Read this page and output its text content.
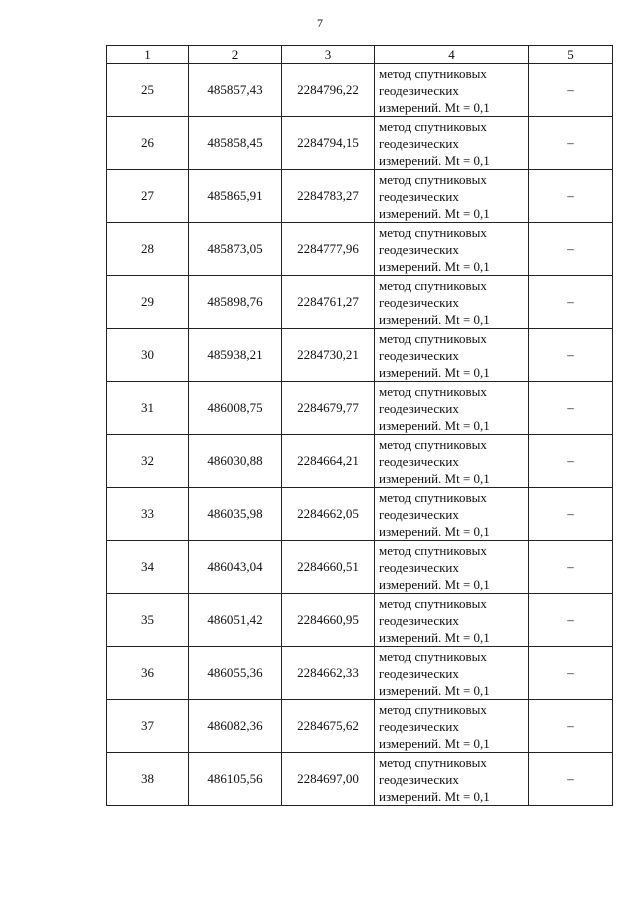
7
1	2	3	4	5
25	485857,43	2284796,22	метод спутниковых
геодезических
измерений. Mt = 0,1	–
26	485858,45	2284794,15	метод спутниковых
геодезических
измерений. Mt = 0,1	–
27	485865,91	2284783,27	метод спутниковых
геодезических
измерений. Mt = 0,1	–
28	485873,05	2284777,96	метод спутниковых
геодезических
измерений. Mt = 0,1	–
29	485898,76	2284761,27	метод спутниковых
геодезических
измерений. Mt = 0,1	–
30	485938,21	2284730,21	метод спутниковых
геодезических
измерений. Mt = 0,1	–
31	486008,75	2284679,77	метод спутниковых
геодезических
измерений. Mt = 0,1	–
32	486030,88	2284664,21	метод спутниковых
геодезических
измерений. Mt = 0,1	–
33	486035,98	2284662,05	метод спутниковых
геодезических
измерений. Mt = 0,1	–
34	486043,04	2284660,51	метод спутниковых
геодезических
измерений. Mt = 0,1	–
35	486051,42	2284660,95	метод спутниковых
геодезических
измерений. Mt = 0,1	–
36	486055,36	2284662,33	метод спутниковых
геодезических
измерений. Mt = 0,1	–
37	486082,36	2284675,62	метод спутниковых
геодезических
измерений. Mt = 0,1	–
38	486105,56	2284697,00	метод спутниковых
геодезических
измерений. Mt = 0,1	–
